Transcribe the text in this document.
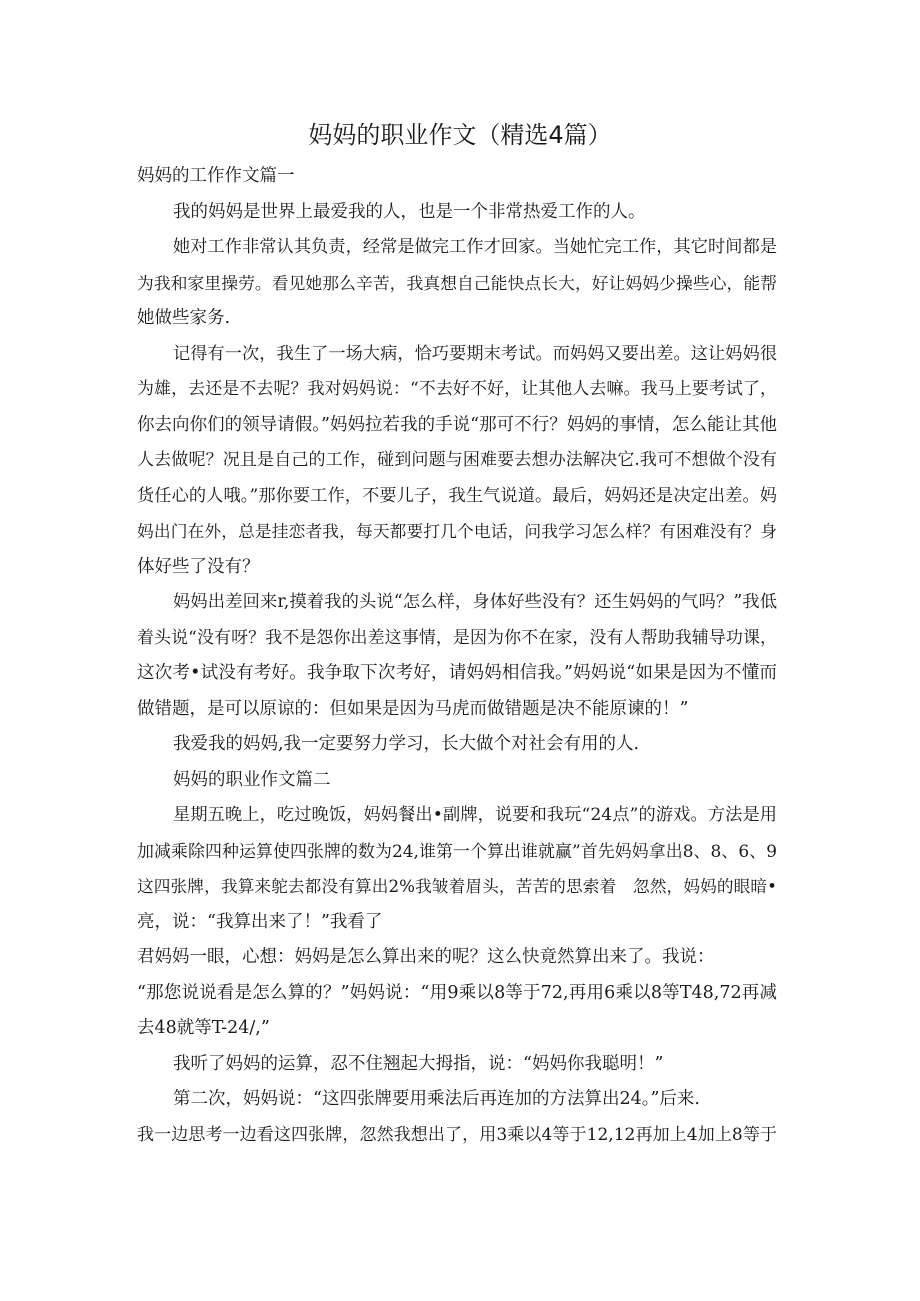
妈妈的职业作文（精选4篇）
妈妈的工作作文篇一
我的妈妈是世界上最爱我的人，也是一个非常热爱工作的人。
她对工作非常认其负责，经常是做完工作才回家。当她忙完工作，其它时间都是
为我和家里操劳。看见她那么辛苦，我真想自己能快点长大，好让妈妈少操些心，能帮
她做些家务.
记得有一次，我生了一场大病，恰巧要期末考试。而妈妈又要出差。这让妈妈很
为雄，去还是不去呢？我对妈妈说：“不去好不好，让其他人去嘛。我马上要考试了，
你去向你们的领导请假。”妈妈拉若我的手说“那可不行？妈妈的事情，怎么能让其他
人去做呢？况且是自己的工作，碰到问题与困难要去想办法解决它.我可不想做个没有
货任心的人哦。”那你要工作，不要儿子，我生气说道。最后，妈妈还是决定出差。妈
妈出门在外，总是挂恋者我，每天都要打几个电话，问我学习怎么样？有困难没有？身
体好些了没有？
妈妈出差回来r,摸着我的头说“怎么样，身体好些没有？还生妈妈的气吗？”我低
着头说“没有呀？我不是怨你出差这事情，是因为你不在家，没有人帮助我辅导功课，
这次考•试没有考好。我争取下次考好，请妈妈相信我。”妈妈说“如果是因为不懂而
做错题，是可以原谅的：但如果是因为马虎而做错题是决不能原谏的！”
我爱我的妈妈,我一定要努力学习，长大做个对社会有用的人.
妈妈的职业作文篇二
星期五晚上，吃过晚饭，妈妈餐出•副牌，说要和我玩“24点”的游戏。方法是用
加减乘除四种运算使四张牌的数为24,谁第一个算出谁就赢”首先妈妈拿出8、8、6、9
这四张牌，我算来鸵去都没有算出2%我皱着眉头，苦苦的思索着　忽然，妈妈的眼暗•
亮，说：“我算出来了！”我看了
君妈妈一眼，心想：妈妈是怎么算出来的呢？这么快竟然算出来了。我说：
“那您说说看是怎么算的？”妈妈说：“用9乘以8等于72,再用6乘以8等T48,72再减
去48就等T-24/,”
我听了妈妈的运算，忍不住翘起大拇指，说：“妈妈你我聪明！”
第二次，妈妈说：“这四张牌要用乘法后再连加的方法算出24。”后来.
我一边思考一边看这四张牌，忽然我想出了，用3乘以4等于12,12再加上4加上8等于
